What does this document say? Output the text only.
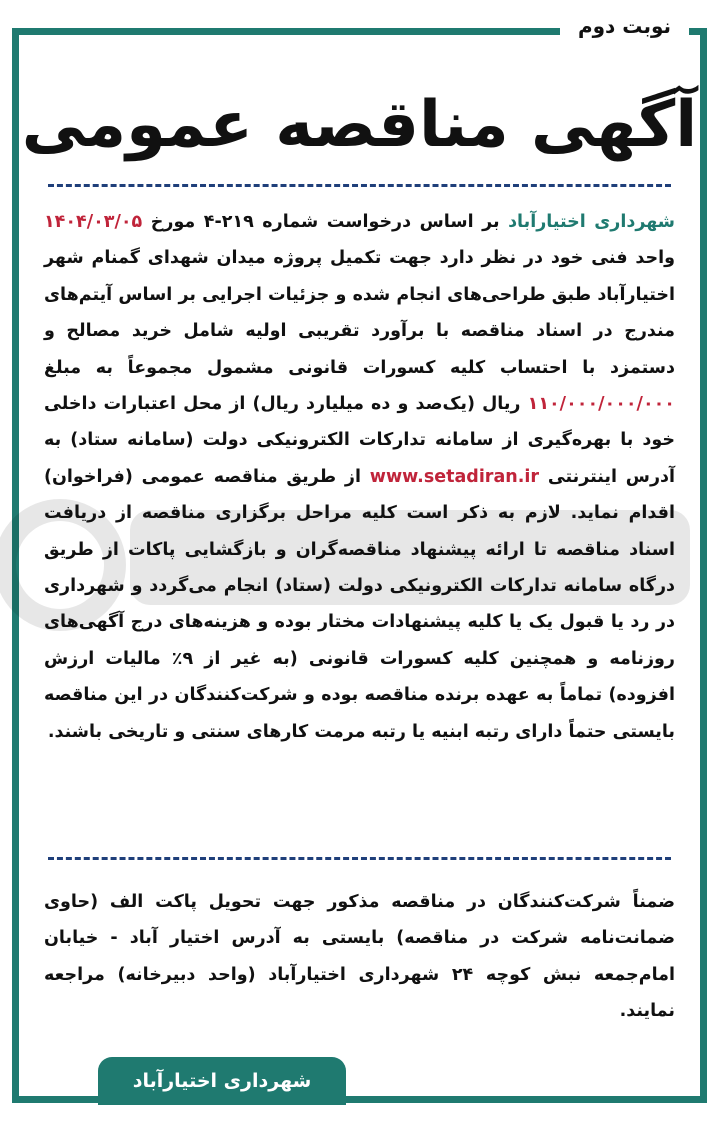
نوبت دوم
آگهی مناقصه عمومی
شهرداری اختیارآباد بر اساس درخواست شماره ۲۱۹-۴ مورخ ۱۴۰۴/۰۳/۰۵ واحد فنی خود در نظر دارد جهت تکمیل پروژه میدان شهدای گمنام شهر اختیارآباد طبق طراحی‌های انجام شده و جزئیات اجرایی بر اساس آیتم‌های مندرج در اسناد مناقصه با برآورد تقریبی اولیه شامل خرید مصالح و دستمزد با احتساب کلیه کسورات قانونی مشمول مجموعاً به مبلغ ۱۱۰/۰۰۰/۰۰۰/۰۰۰ ریال (یک‌صد و ده میلیارد ریال) از محل اعتبارات داخلی خود با بهره‌گیری از سامانه تدارکات الکترونیکی دولت (سامانه ستاد) به آدرس اینترنتی www.setadiran.ir از طریق مناقصه عمومی (فراخوان) اقدام نماید. لازم به ذکر است کلیه مراحل برگزاری مناقصه از دریافت اسناد مناقصه تا ارائه پیشنهاد مناقصه‌گران و بازگشایی پاکات از طریق درگاه سامانه تدارکات الکترونیکی دولت (ستاد) انجام می‌گردد و شهرداری در رد یا قبول یک یا کلیه پیشنهادات مختار بوده و هزینه‌های درج آگهی‌های روزنامه و همچنین کلیه کسورات قانونی (به غیر از ۹٪ مالیات ارزش افزوده) تماماً به عهده برنده مناقصه بوده و شرکت‌کنندگان در این مناقصه بایستی حتماً دارای رتبه ابنیه یا رتبه مرمت کارهای سنتی و تاریخی باشند.
ضمناً شرکت‌کنندگان در مناقصه مذکور جهت تحویل پاکت الف (حاوی ضمانت‌نامه شرکت در مناقصه) بایستی به آدرس اختیار آباد - خیابان امام‌جمعه نبش کوچه ۲۴ شهرداری اختیارآباد (واحد دبیرخانه) مراجعه نمایند.
شهرداری اختیارآباد
